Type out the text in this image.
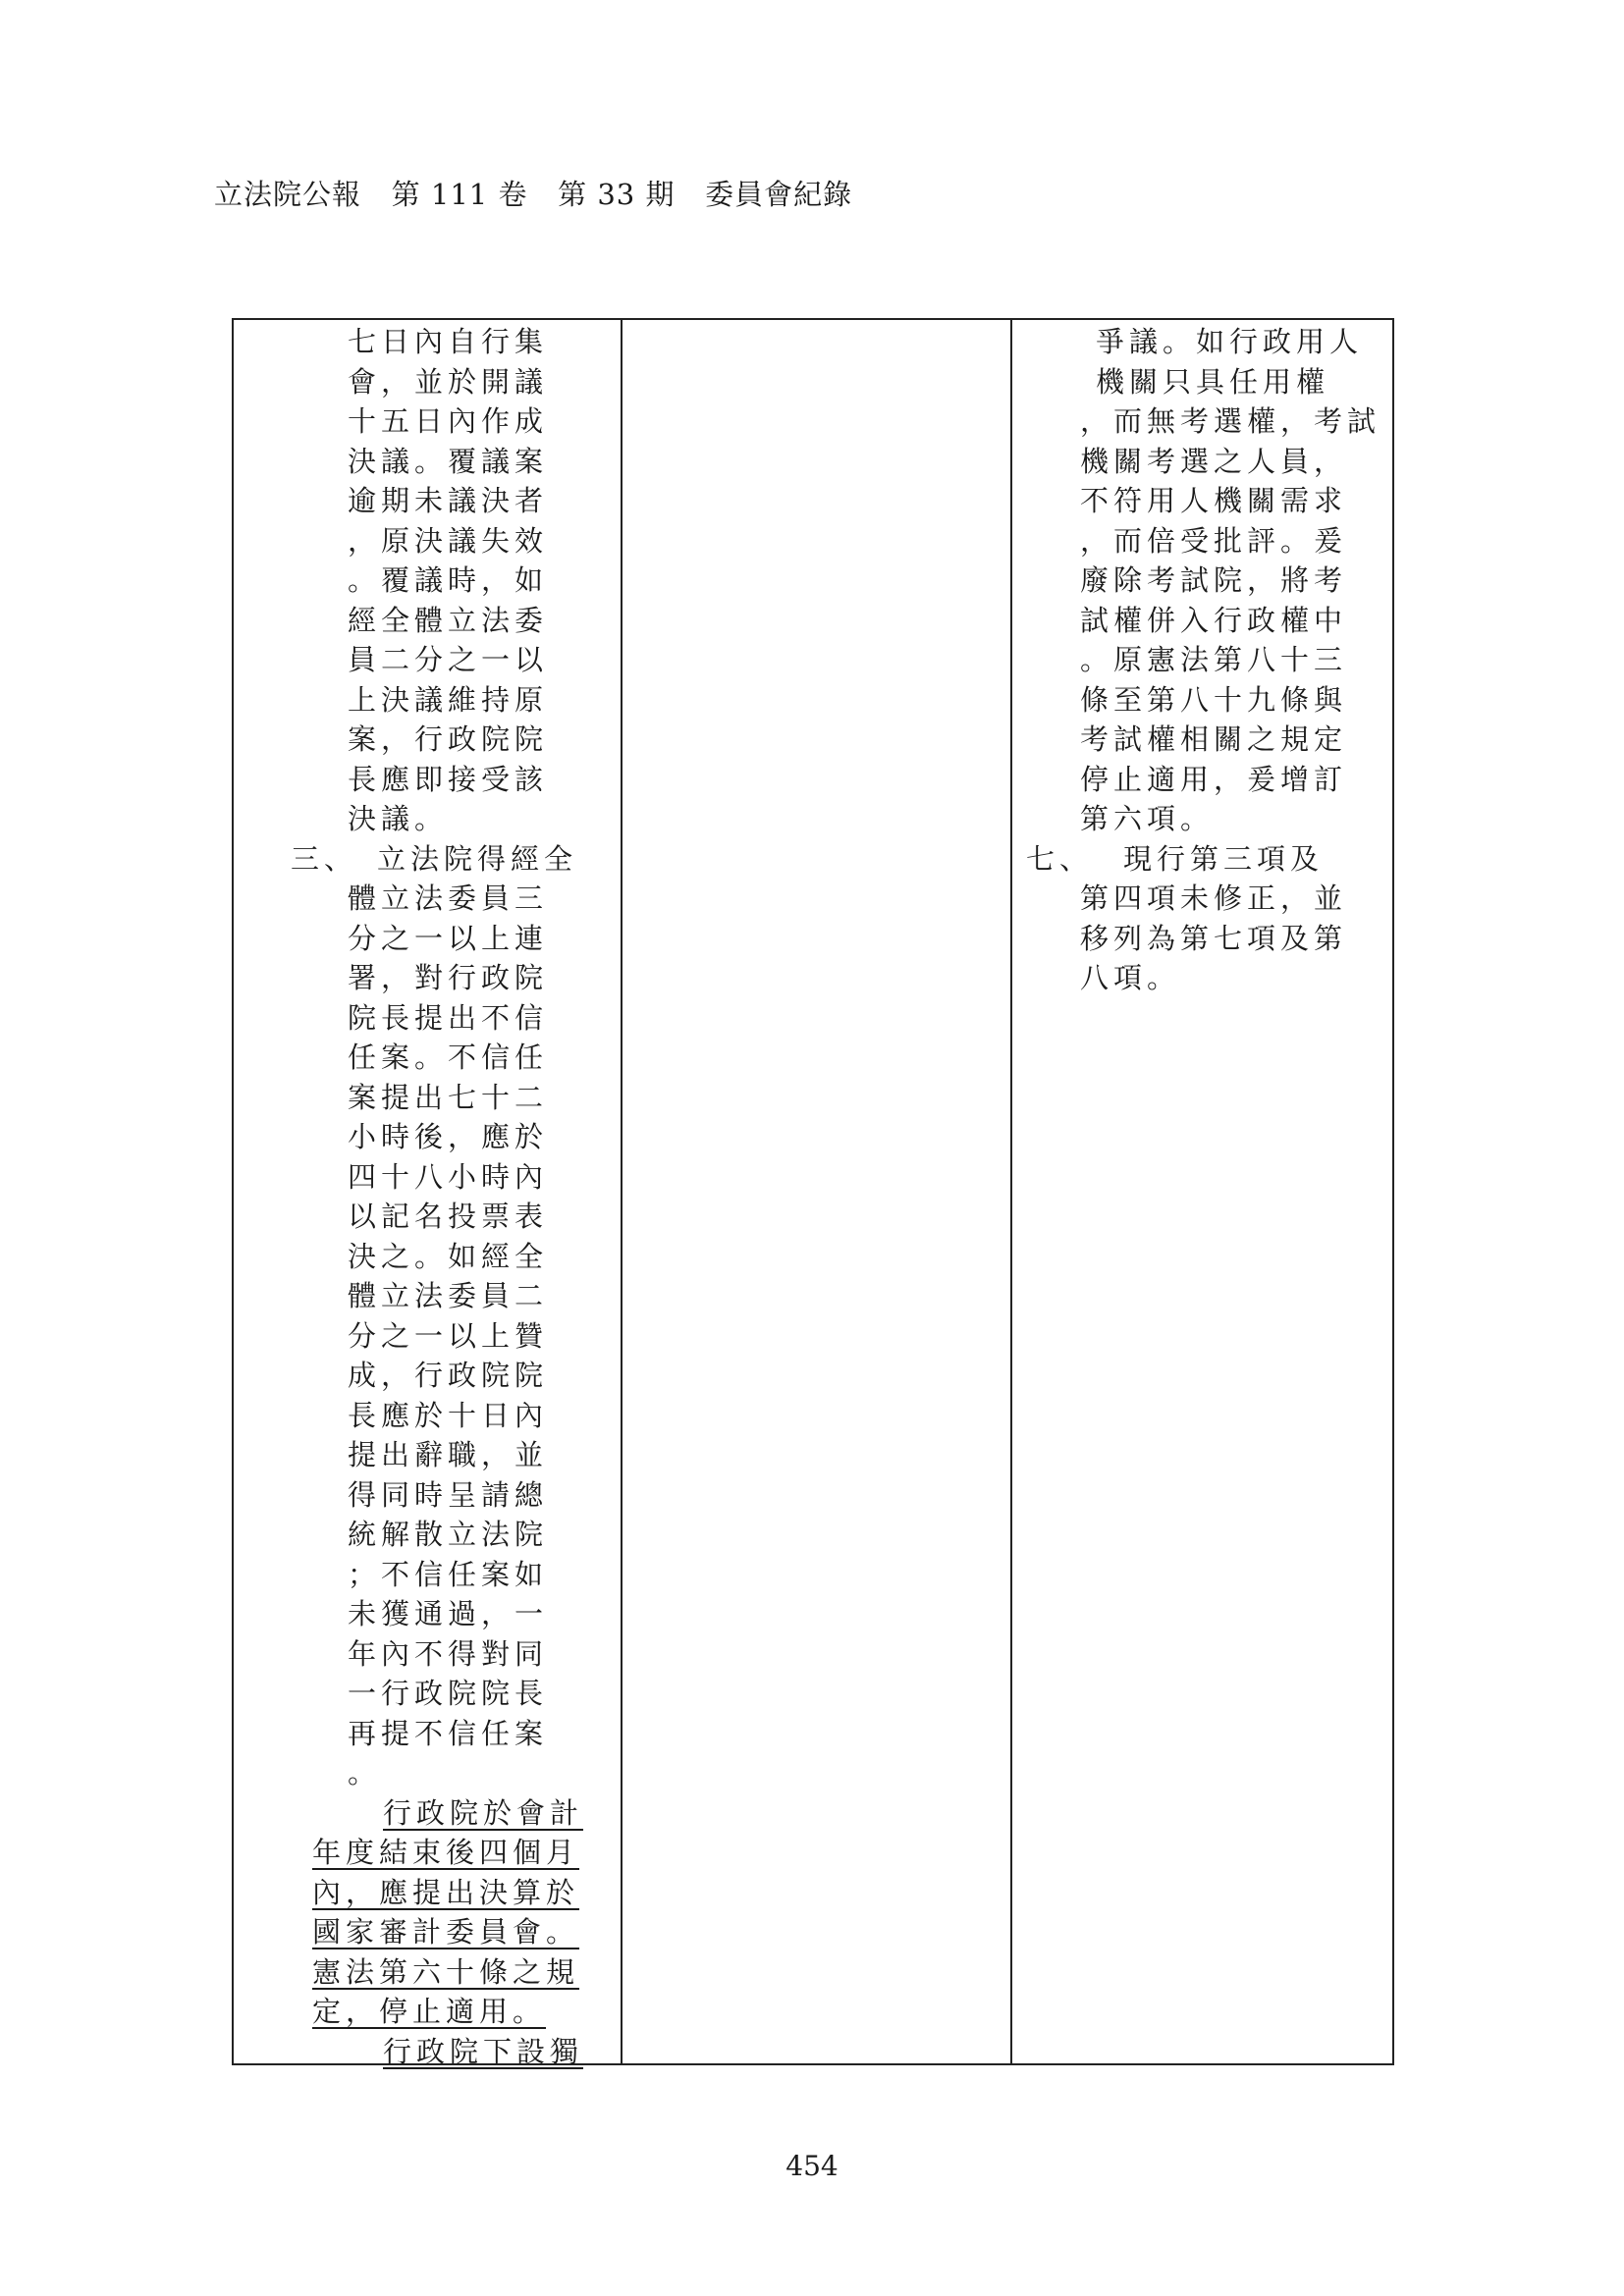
立法院公報 第 111 卷 第 33 期 委員會紀錄
七日內自行集
會，並於開議
十五日內作成
決議。覆議案
逾期未議決者
，原決議失效
。覆議時，如
經全體立法委
員二分之一以
上決議維持原
案，行政院院
長應即接受該
決議。
三、 立法院得經全
體立法委員三
分之一以上連
署，對行政院
院長提出不信
任案。不信任
案提出七十二
小時後，應於
四十八小時內
以記名投票表
決之。如經全
體立法委員二
分之一以上贊
成，行政院院
長應於十日內
提出辭職，並
得同時呈請總
統解散立法院
；不信任案如
未獲通過，一
年內不得對同
一行政院院長
再提不信任案
。
行政院於會計
年度結束後四個月
內，應提出決算於
國家審計委員會。
憲法第六十條之規
定，停止適用。
行政院下設獨
爭議。如行政用人
機關只具任用權
，而無考選權，考試
機關考選之人員，
不符用人機關需求
，而倍受批評。爰
廢除考試院，將考
試權併入行政權中
。原憲法第八十三
條至第八十九條與
考試權相關之規定
停止適用，爰增訂
第六項。
七、 現行第三項及
第四項未修正，並
移列為第七項及第
八項。
454
